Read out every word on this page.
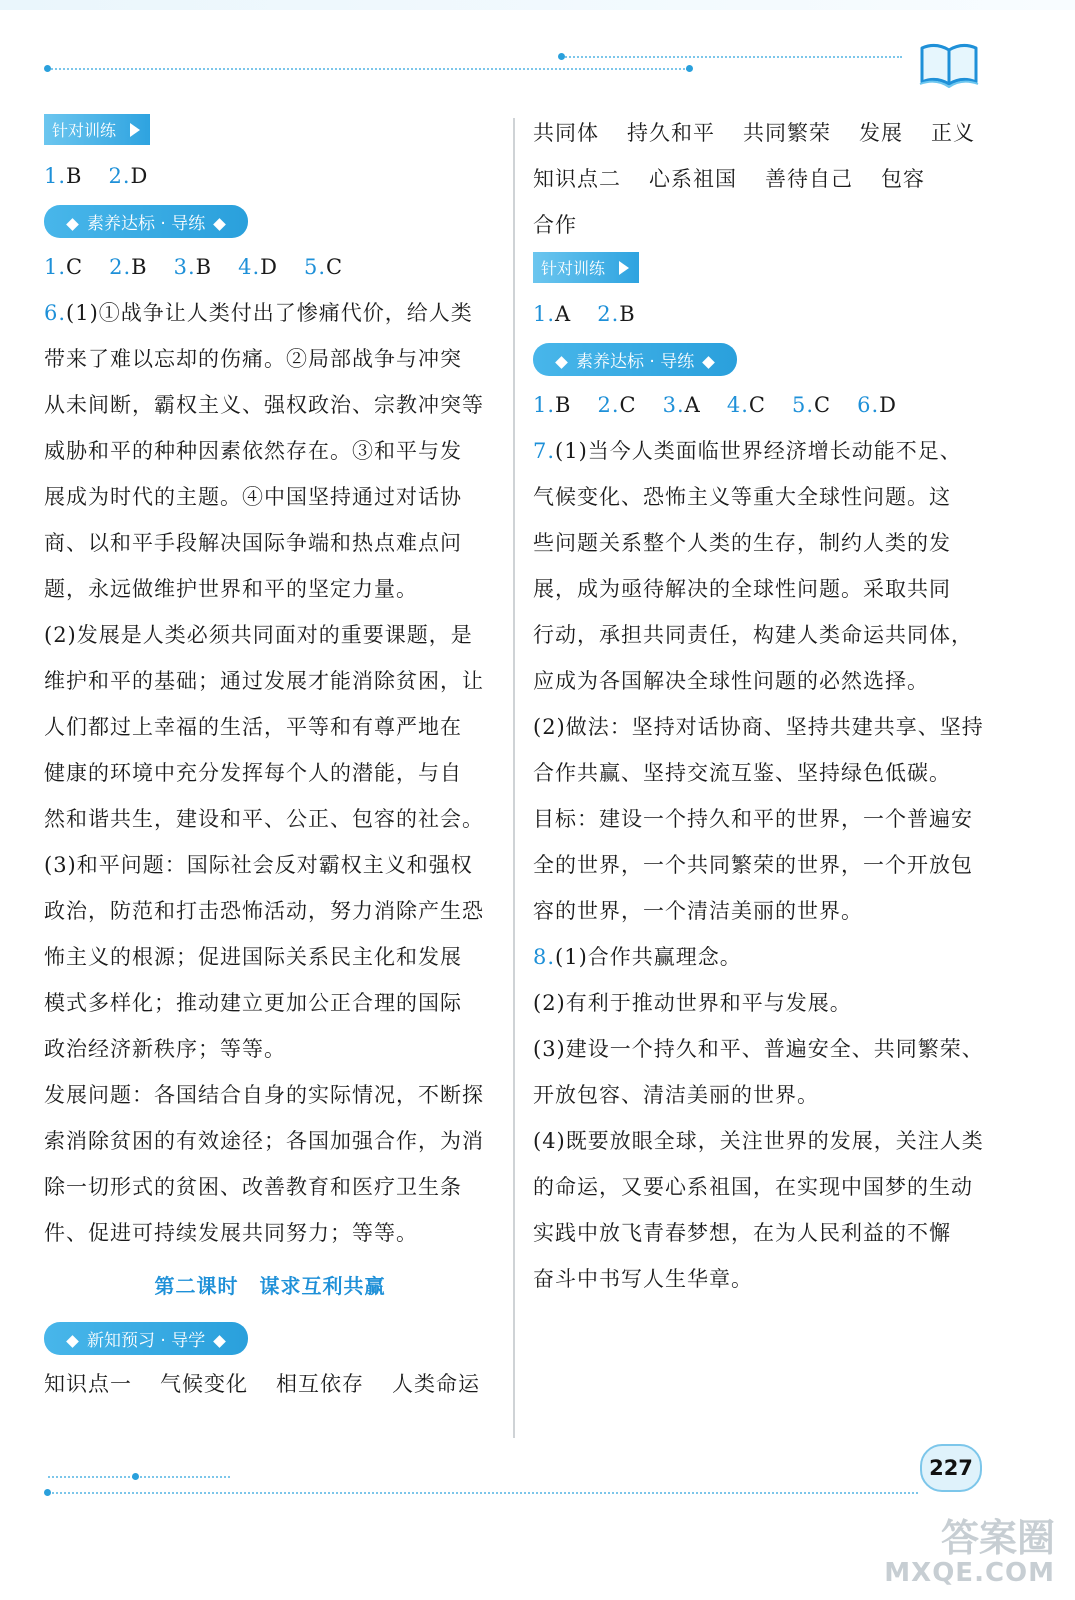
针对训练
1.B 2.D
素养达标 · 导练
1.C 2.B 3.B 4.D 5.C
6.(1)①战争让人类付出了惨痛代价，给人类
带来了难以忘却的伤痛。②局部战争与冲突
从未间断，霸权主义、强权政治、宗教冲突等
威胁和平的种种因素依然存在。③和平与发
展成为时代的主题。④中国坚持通过对话协
商、以和平手段解决国际争端和热点难点问
题，永远做维护世界和平的坚定力量。
(2)发展是人类必须共同面对的重要课题，是
维护和平的基础；通过发展才能消除贫困，让
人们都过上幸福的生活，平等和有尊严地在
健康的环境中充分发挥每个人的潜能，与自
然和谐共生，建设和平、公正、包容的社会。
(3)和平问题：国际社会反对霸权主义和强权
政治，防范和打击恐怖活动，努力消除产生恐
怖主义的根源；促进国际关系民主化和发展
模式多样化；推动建立更加公正合理的国际
政治经济新秩序；等等。
发展问题：各国结合自身的实际情况，不断探
索消除贫困的有效途径；各国加强合作，为消
除一切形式的贫困、改善教育和医疗卫生条
件、促进可持续发展共同努力；等等。
第二课时　谋求互利共赢
新知预习 · 导学
知识点一 气候变化 相互依存 人类命运
共同体 持久和平 共同繁荣 发展 正义
知识点二 心系祖国 善待自己 包容
合作
针对训练
1.A 2.B
素养达标 · 导练
1.B 2.C 3.A 4.C 5.C 6.D
7.(1)当今人类面临世界经济增长动能不足、
气候变化、恐怖主义等重大全球性问题。这
些问题关系整个人类的生存，制约人类的发
展，成为亟待解决的全球性问题。采取共同
行动，承担共同责任，构建人类命运共同体，
应成为各国解决全球性问题的必然选择。
(2)做法：坚持对话协商、坚持共建共享、坚持
合作共赢、坚持交流互鉴、坚持绿色低碳。
目标：建设一个持久和平的世界，一个普遍安
全的世界，一个共同繁荣的世界，一个开放包
容的世界，一个清洁美丽的世界。
8.(1)合作共赢理念。
(2)有利于推动世界和平与发展。
(3)建设一个持久和平、普遍安全、共同繁荣、
开放包容、清洁美丽的世界。
(4)既要放眼全球，关注世界的发展，关注人类
的命运，又要心系祖国，在实现中国梦的生动
实践中放飞青春梦想，在为人民利益的不懈
奋斗中书写人生华章。
227
答案圈
MXQE.COM
